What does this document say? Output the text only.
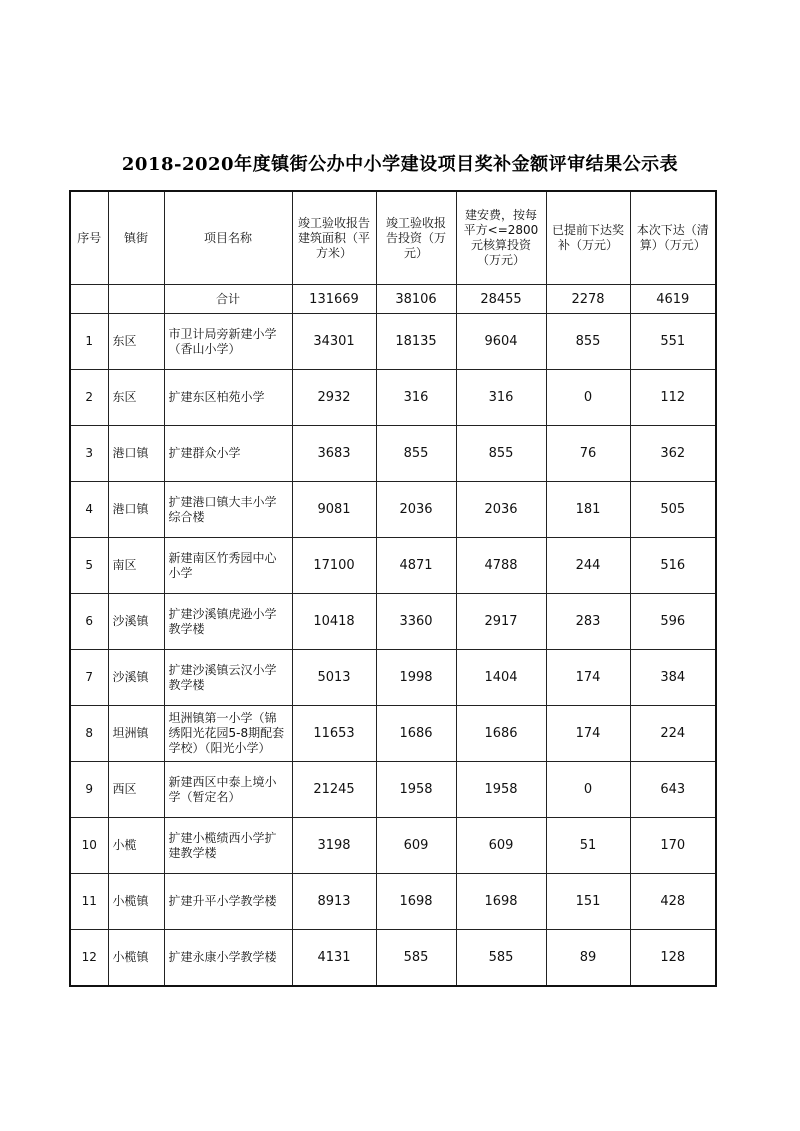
2018-2020年度镇街公办中小学建设项目奖补金额评审结果公示表
序号	镇街	项目名称	竣工验收报告建筑面积（平方米）	竣工验收报告投资（万元）	建安费，按每平方<=2800元核算投资（万元）	已提前下达奖补（万元）	本次下达（清算）（万元）
		合计	131669	38106	28455	2278	4619
1	东区	市卫计局旁新建小学（香山小学）	34301	18135	9604	855	551
2	东区	扩建东区柏苑小学	2932	316	316	0	112
3	港口镇	扩建群众小学	3683	855	855	76	362
4	港口镇	扩建港口镇大丰小学综合楼	9081	2036	2036	181	505
5	南区	新建南区竹秀园中心小学	17100	4871	4788	244	516
6	沙溪镇	扩建沙溪镇虎逊小学教学楼	10418	3360	2917	283	596
7	沙溪镇	扩建沙溪镇云汉小学教学楼	5013	1998	1404	174	384
8	坦洲镇	坦洲镇第一小学（锦绣阳光花园5-8期配套学校）（阳光小学）	11653	1686	1686	174	224
9	西区	新建西区中泰上境小学（暂定名）	21245	1958	1958	0	643
10	小榄	扩建小榄绩西小学扩建教学楼	3198	609	609	51	170
11	小榄镇	扩建升平小学教学楼	8913	1698	1698	151	428
12	小榄镇	扩建永康小学教学楼	4131	585	585	89	128
